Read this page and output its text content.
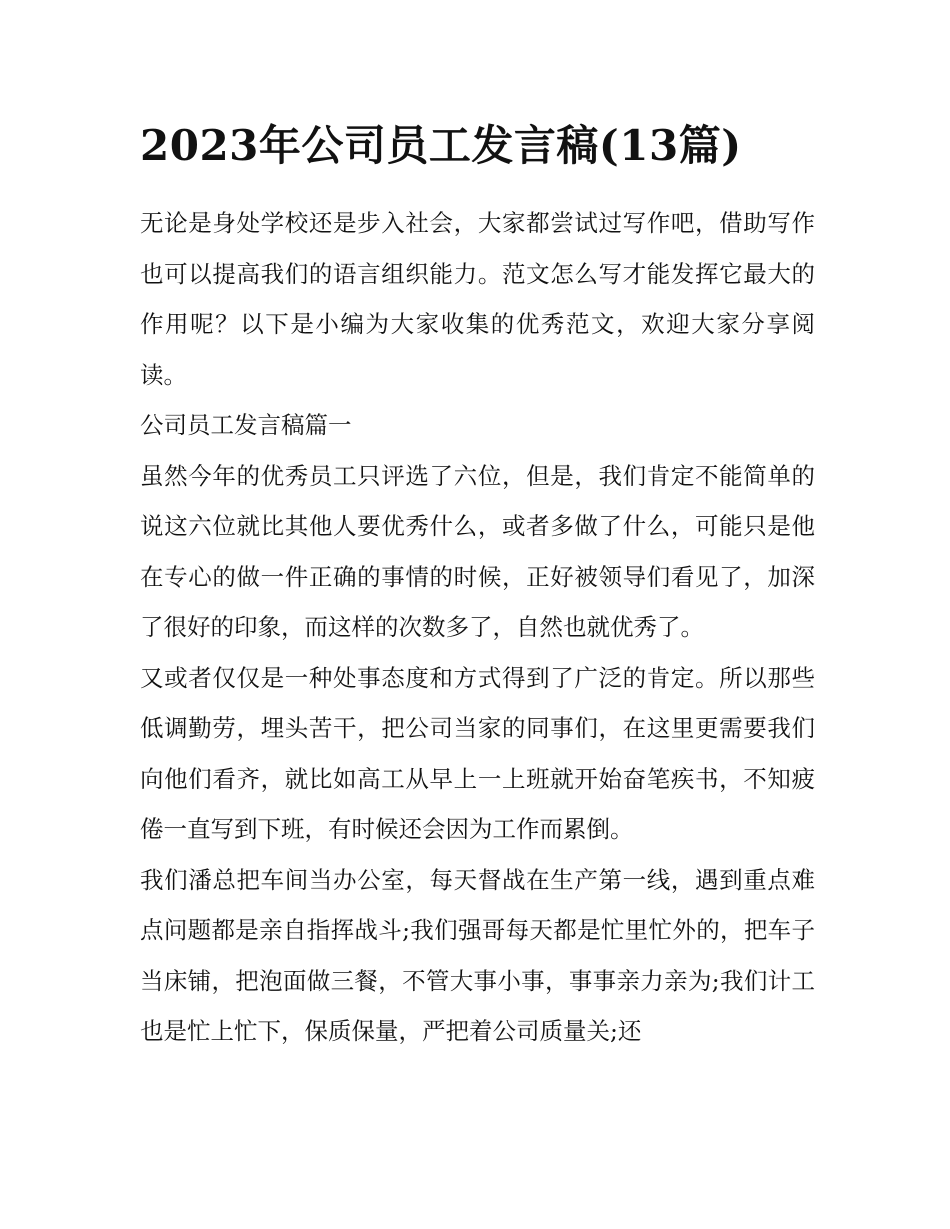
2023年公司员工发言稿(13篇)

无论是身处学校还是步入社会，大家都尝试过写作吧，借助写作也可以提高我们的语言组织能力。范文怎么写才能发挥它最大的作用呢？以下是小编为大家收集的优秀范文，欢迎大家分享阅读。

公司员工发言稿篇一

虽然今年的优秀员工只评选了六位，但是，我们肯定不能简单的说这六位就比其他人要优秀什么，或者多做了什么，可能只是他在专心的做一件正确的事情的时候，正好被领导们看见了，加深了很好的印象，而这样的次数多了，自然也就优秀了。

又或者仅仅是一种处事态度和方式得到了广泛的肯定。所以那些低调勤劳，埋头苦干，把公司当家的同事们，在这里更需要我们向他们看齐，就比如高工从早上一上班就开始奋笔疾书，不知疲倦一直写到下班，有时候还会因为工作而累倒。

我们潘总把车间当办公室，每天督战在生产第一线，遇到重点难点问题都是亲自指挥战斗;我们强哥每天都是忙里忙外的，把车子当床铺，把泡面做三餐，不管大事小事，事事亲力亲为;我们计工也是忙上忙下，保质保量，严把着公司质量关;还
